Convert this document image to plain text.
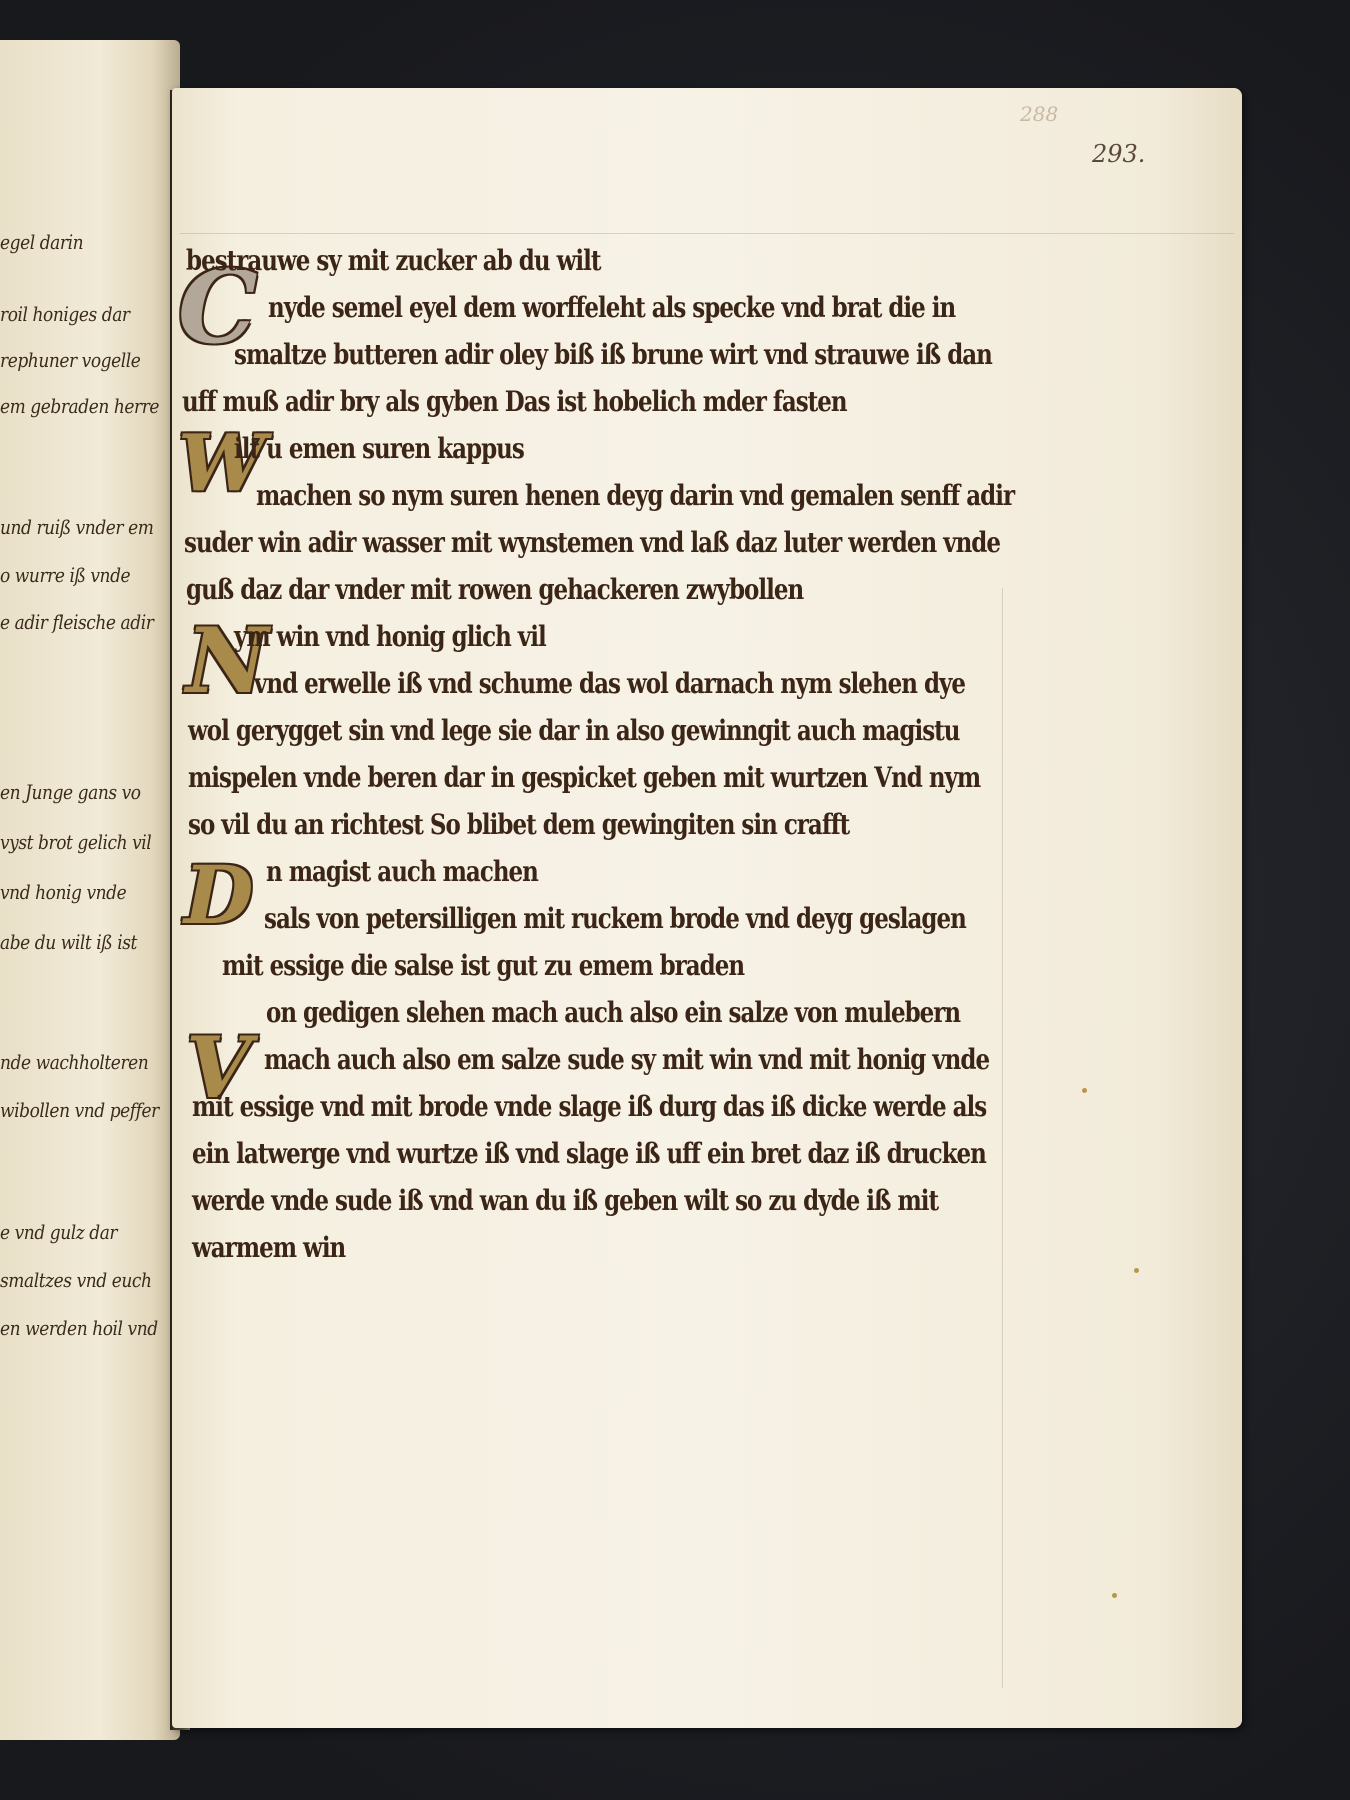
egel darin
roil honiges dar
rephuner vogelle
em gebraden herre
und ruiß vnder em
o wurre iß vnde
e adir fleische adir
en Junge gans vo
vyst brot gelich vil
vnd honig vnde
abe du wilt iß ist
nde wachholteren
wibollen vnd peffer
e vnd gulz dar
smaltzes vnd euch
en werden hoil vnd
288
293.
C
W
N
D
V
bestrauwe sy mit zucker ab du wilt
nyde semel eyel dem worffeleht als specke vnd brat die in
smaltze butteren adir oley biß iß brune wirt vnd strauwe iß dan
uff muß adir bry als gyben Das ist hobelich mder fasten
ilt u emen suren kappus
machen so nym suren henen deyg darin vnd gemalen senff adir
suder win adir wasser mit wynstemen vnd laß daz luter werden vnde
guß daz dar vnder mit rowen gehackeren zwybollen
ym win vnd honig glich vil
vnd erwelle iß vnd schume das wol darnach nym slehen dye
wol gerygget sin vnd lege sie dar in also gewinngit auch magistu
mispelen vnde beren dar in gespicket geben mit wurtzen Vnd nym
so vil du an richtest So blibet dem gewingiten sin crafft
n magist auch machen
sals von petersilligen mit ruckem brode vnd deyg geslagen
mit essige die salse ist gut zu emem braden
on gedigen slehen mach auch also ein salze von mulebern
mach auch also em salze sude sy mit win vnd mit honig vnde
mit essige vnd mit brode vnde slage iß durg das iß dicke werde als
ein latwerge vnd wurtze iß vnd slage iß uff ein bret daz iß drucken
werde vnde sude iß vnd wan du iß geben wilt so zu dyde iß mit
warmem win
